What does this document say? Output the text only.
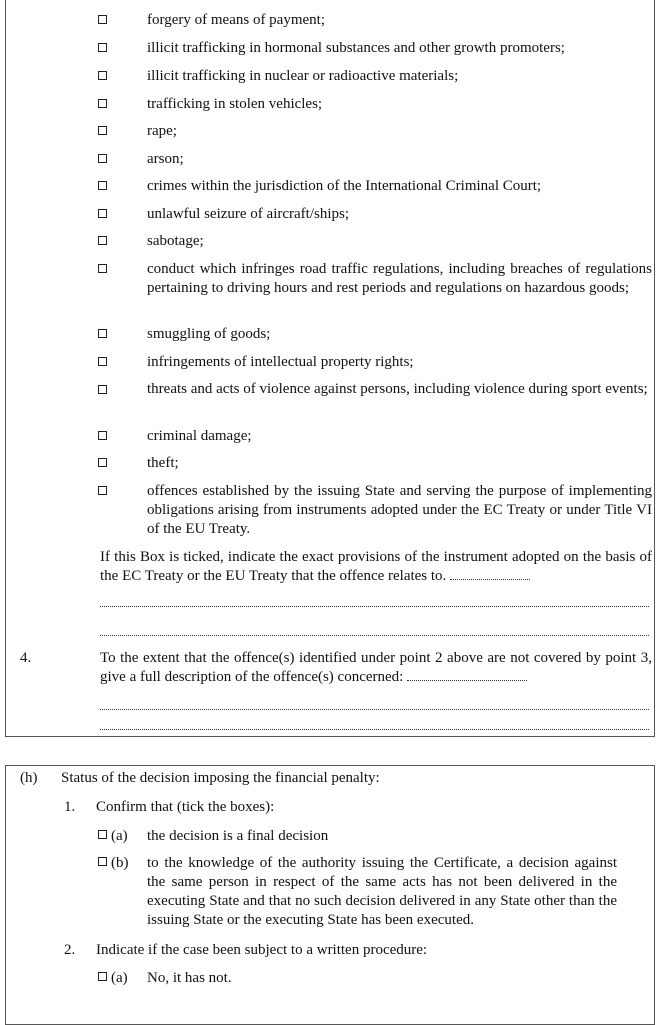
forgery of means of payment;
illicit trafficking in hormonal substances and other growth promoters;
illicit trafficking in nuclear or radioactive materials;
trafficking in stolen vehicles;
rape;
arson;
crimes within the jurisdiction of the International Criminal Court;
unlawful seizure of aircraft/ships;
sabotage;
conduct which infringes road traffic regulations, including breaches of regulations pertaining to driving hours and rest periods and regulations on hazardous goods;
smuggling of goods;
infringements of intellectual property rights;
threats and acts of violence against persons, including violence during sport events;
criminal damage;
theft;
offences established by the issuing State and serving the purpose of implementing obligations arising from instruments adopted under the EC Treaty or under Title VI of the EU Treaty.
If this Box is ticked, indicate the exact provisions of the instrument adopted on the basis of the EC Treaty or the EU Treaty that the offence relates to.
4.	To the extent that the offence(s) identified under point 2 above are not covered by point 3, give a full description of the offence(s) concerned:
(h) Status of the decision imposing the financial penalty:
1. Confirm that (tick the boxes):
(a) the decision is a final decision
(b) to the knowledge of the authority issuing the Certificate, a decision against the same person in respect of the same acts has not been delivered in the executing State and that no such decision delivered in any State other than the issuing State or the executing State has been executed.
2. Indicate if the case been subject to a written procedure:
(a) No, it has not.
